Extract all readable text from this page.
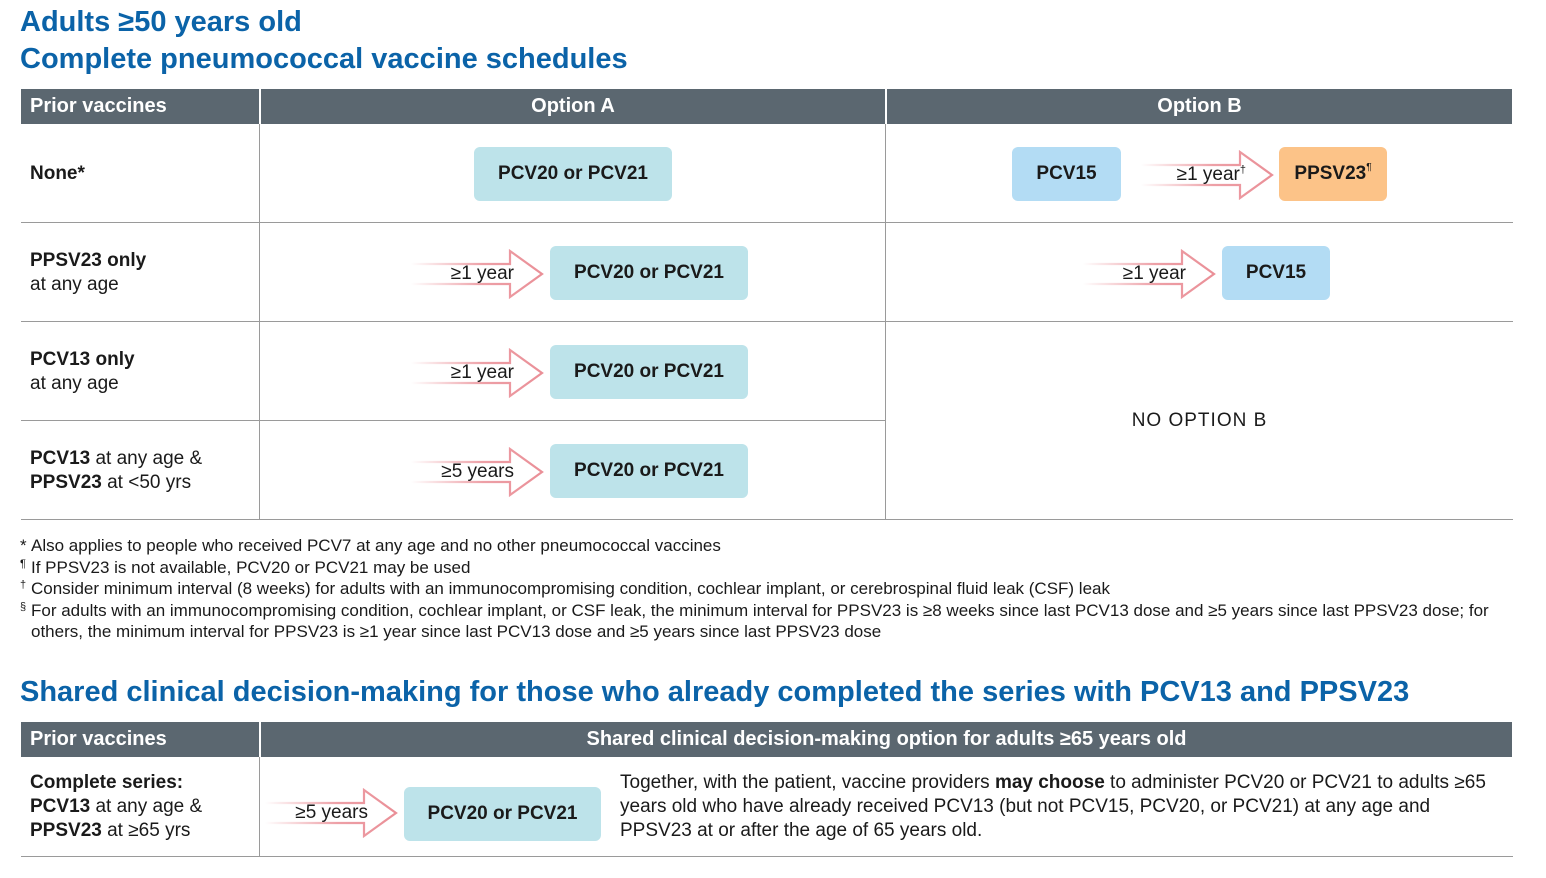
Adults ≥50 years old
Complete pneumococcal vaccine schedules
Prior vaccines	Option A	Option B
None*	PCV20 or PCV21	PCV15	≥1 year†	PPSV23¶
PPSV23 only
at any age
≥1 year	PCV20 or PCV21	≥1 year	PCV15
PCV13 only
at any age
≥1 year	PCV20 or PCV21
PCV13 at any age &
PPSV23 at <50 yrs
≥5 years	PCV20 or PCV21
NO OPTION B
* Also applies to people who received PCV7 at any age and no other pneumococcal vaccines
¶ If PPSV23 is not available, PCV20 or PCV21 may be used
† Consider minimum interval (8 weeks) for adults with an immunocompromising condition, cochlear implant, or cerebrospinal fluid leak (CSF) leak
§ For adults with an immunocompromising condition, cochlear implant, or CSF leak, the minimum interval for PPSV23 is ≥8 weeks since last PCV13 dose and ≥5 years since last PPSV23 dose; for others, the minimum interval for PPSV23 is ≥1 year since last PCV13 dose and ≥5 years since last PPSV23 dose
Shared clinical decision-making for those who already completed the series with PCV13 and PPSV23
Prior vaccines	Shared clinical decision-making option for adults ≥65 years old
Complete series:
PCV13 at any age &
PPSV23 at ≥65 yrs
≥5 years	PCV20 or PCV21
Together, with the patient, vaccine providers may choose to administer PCV20 or PCV21 to adults ≥65 years old who have already received PCV13 (but not PCV15, PCV20, or PCV21) at any age and PPSV23 at or after the age of 65 years old.
